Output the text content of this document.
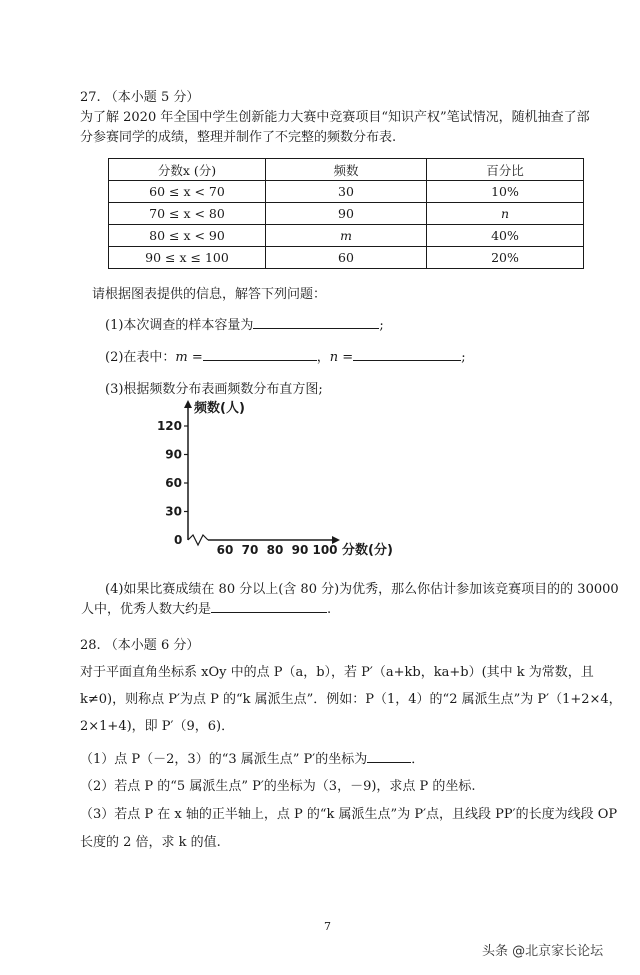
27. （本小题 5 分）
为了解 2020 年全国中学生创新能力大赛中竞赛项目“知识产权”笔试情况，随机抽查了部
分参赛同学的成绩，整理并制作了不完整的频数分布表.
分数x (分)	频数	百分比
60 ≤ x < 70	30	10%
70 ≤ x < 80	90	n
80 ≤ x < 90	m	40%
90 ≤ x ≤ 100	60	20%
请根据图表提供的信息，解答下列问题：
(1)本次调查的样本容量为	;
(2)在表中：m =	，n =	;
(3)根据频数分布表画频数分布直方图;
频数(人)
分数(分)
0
120
90
60
30
60 70 80 90 100
(4)如果比赛成绩在 80 分以上(含 80 分)为优秀，那么你估计参加该竞赛项目的的 30000
人中，优秀人数大约是	.
28. （本小题 6 分）
对于平面直角坐标系 xOy 中的点 P（a，b），若 P′（a+kb，ka+b）(其中 k 为常数，且
k≠0)，则称点 P′为点 P 的“k 属派生点”．例如：P（1，4）的“2 属派生点”为 P′（1+2×4，
2×1+4)，即 P′（9，6)．
（1）点 P（－2，3）的“3 属派生点” P′的坐标为	．
（2）若点 P 的“5 属派生点” P′的坐标为（3，－9)，求点 P 的坐标.
（3）若点 P 在 x 轴的正半轴上，点 P 的“k 属派生点”为 P′点，且线段 PP′的长度为线段 OP
长度的 2 倍，求 k 的值.
7
头条 @北京家长论坛
